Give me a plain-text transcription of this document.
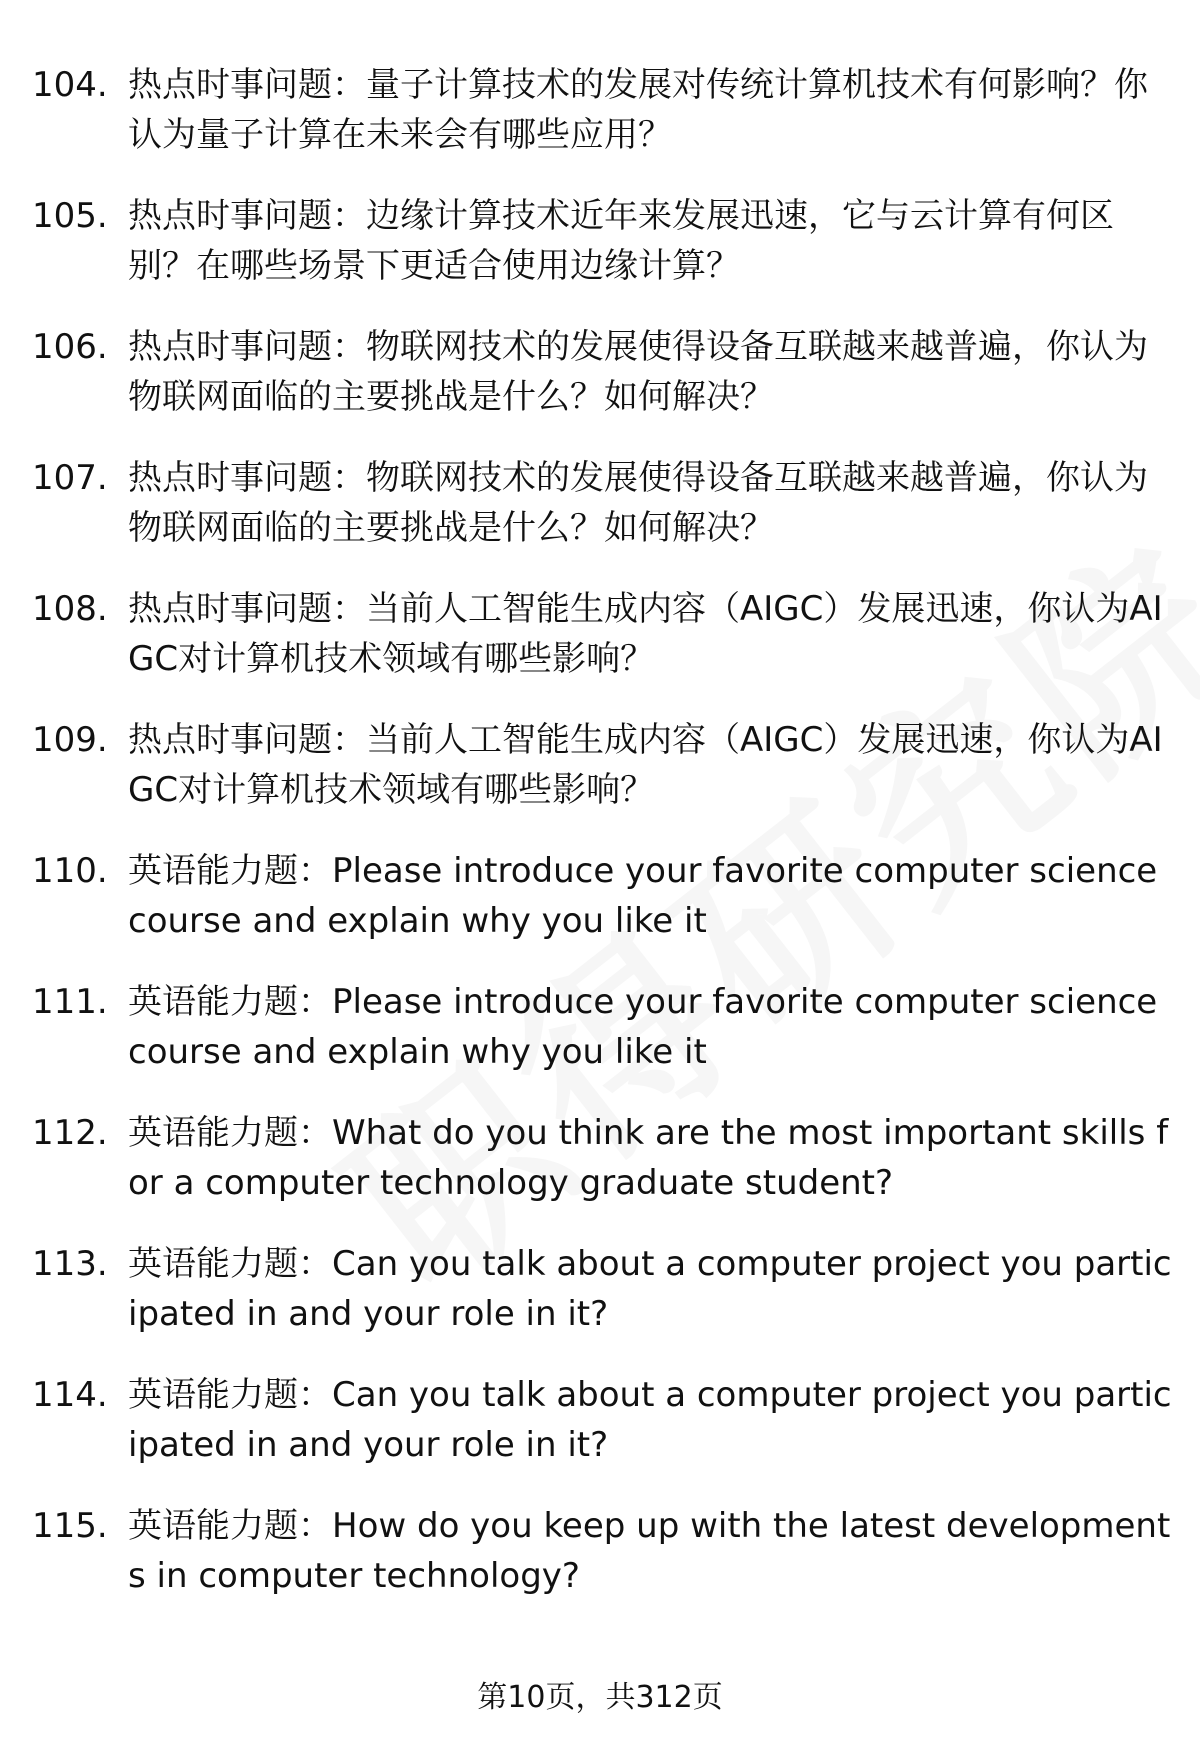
104. 热点时事问题：量子计算技术的发展对传统计算机技术有何影响？你认为量子计算在未来会有哪些应用？
105. 热点时事问题：边缘计算技术近年来发展迅速，它与云计算有何区别？在哪些场景下更适合使用边缘计算？
106. 热点时事问题：物联网技术的发展使得设备互联越来越普遍，你认为物联网面临的主要挑战是什么？如何解决？
107. 热点时事问题：物联网技术的发展使得设备互联越来越普遍，你认为物联网面临的主要挑战是什么？如何解决？
108. 热点时事问题：当前人工智能生成内容（AIGC）发展迅速，你认为AIGC对计算机技术领域有哪些影响？
109. 热点时事问题：当前人工智能生成内容（AIGC）发展迅速，你认为AIGC对计算机技术领域有哪些影响？
110. 英语能力题：Please introduce your favorite computer science course and explain why you like it
111. 英语能力题：Please introduce your favorite computer science course and explain why you like it
112. 英语能力题：What do you think are the most important skills for a computer technology graduate student?
113. 英语能力题：Can you talk about a computer project you participated in and your role in it?
114. 英语能力题：Can you talk about a computer project you participated in and your role in it?
115. 英语能力题：How do you keep up with the latest developments in computer technology?
第10页，共312页
